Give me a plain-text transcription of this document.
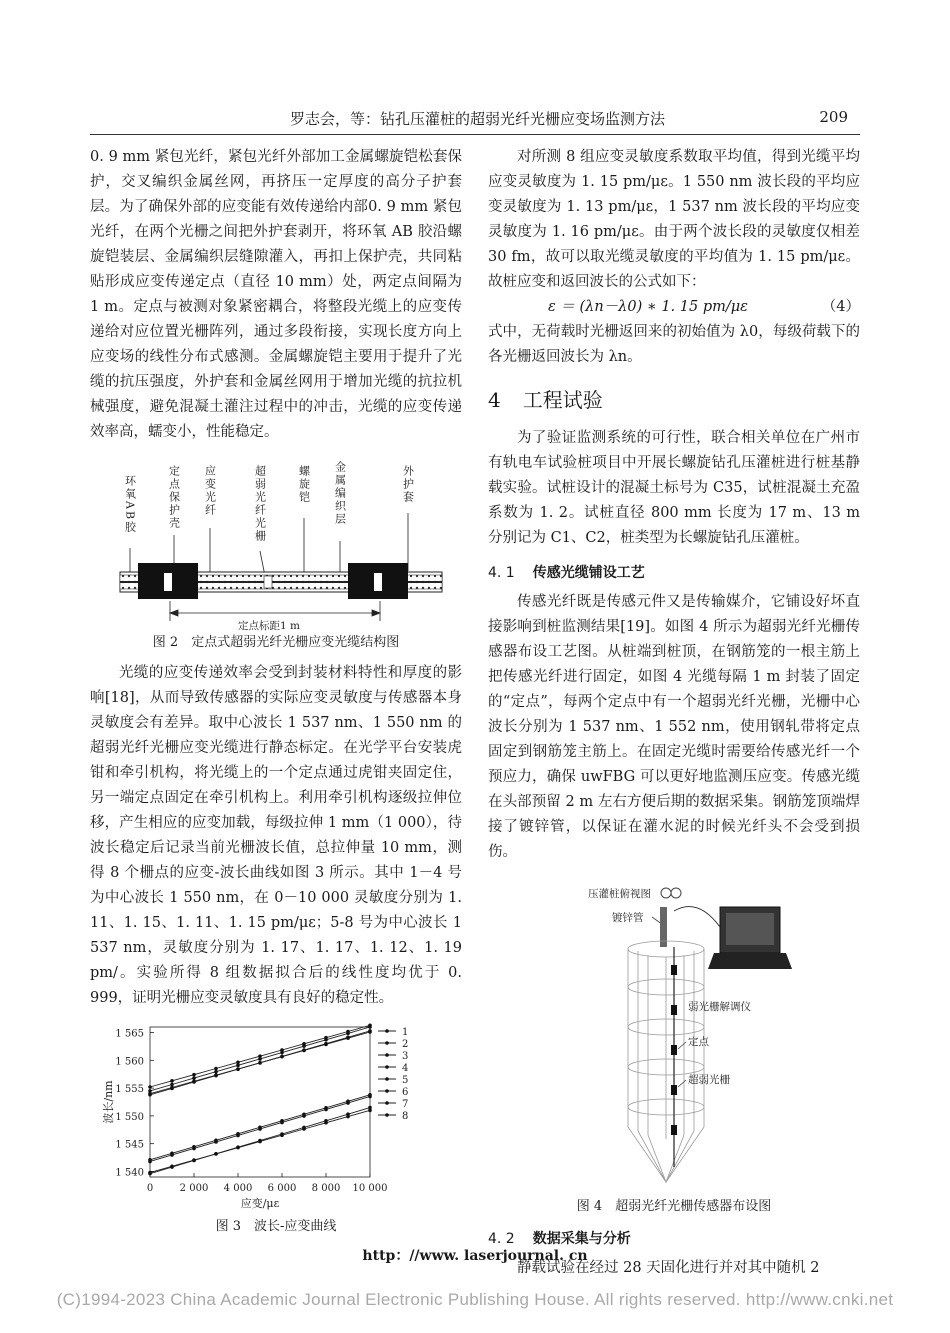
罗志会，等：钻孔压灌桩的超弱光纤光栅应变场监测方法	209

0. 9 mm 紧包光纤，紧包光纤外部加工金属螺旋铠松套保护，交叉编织金属丝网，再挤压一定厚度的高分子护套层。为了确保外部的应变能有效传递给内部0. 9 mm 紧包光纤，在两个光栅之间把外护套剥开，将环氧 AB 胶沿螺旋铠装层、金属编织层缝隙灌入，再扣上保护壳，共同粘贴形成应变传递定点（直径 10 mm）处，两定点间隔为 1 m。定点与被测对象紧密耦合，将整段光缆上的应变传递给对应位置光栅阵列，通过多段衔接，实现长度方向上应变场的线性分布式感测。金属螺旋铠主要用于提升了光缆的抗压强度，外护套和金属丝网用于增加光缆的抗拉机械强度，避免混凝土灌注过程中的冲击，光缆的应变传递效率高，蠕变小，性能稳定。

环氧AB胶	定点保护壳 应变光纤	超弱光纤光栅	螺旋铠 金属编织层	外护套
定点标距1 m
图 2　定点式超弱光纤光栅应变光缆结构图

光缆的应变传递效率会受到封装材料特性和厚度的影响[18]，从而导致传感器的实际应变灵敏度与传感器本身灵敏度会有差异。取中心波长 1 537 nm、1 550 nm 的超弱光纤光栅应变光缆进行静态标定。在光学平台安装虎钳和牵引机构，将光缆上的一个定点通过虎钳夹固定住，另一端定点固定在牵引机构上。利用牵引机构逐级拉伸位移，产生相应的应变加载，每级拉伸 1 mm（1 000），待波长稳定后记录当前光栅波长值，总拉伸量 10 mm，测得 8 个栅点的应变-波长曲线如图 3 所示。其中 1－4 号为中心波长 1 550 nm，在 0－10 000 灵敏度分别为 1. 11、1. 15、1. 11、1. 15 pm/με；5-8 号为中心波长 1 537 nm，灵敏度分别为 1. 17、1. 17、1. 12、1. 19 pm/。实验所得 8 组数据拟合后的线性度均优于 0. 999，证明光栅应变灵敏度具有良好的稳定性。

1 540
1 545
1 550
1 555
1 560
1 565
0	2 000 4 000 6 000 8 000 10 000
应变/με
波长/nm
1
2
3
4
5
6
7
8
图 3　波长-应变曲线

对所测 8 组应变灵敏度系数取平均值，得到光缆平均应变灵敏度为 1. 15 pm/με。1 550 nm 波长段的平均应变灵敏度为 1. 13 pm/με，1 537 nm 波长段的平均应变灵敏度为 1. 16 pm/με。由于两个波长段的灵敏度仅相差 30 fm，故可以取光缆灵敏度的平均值为 1. 15 pm/με。故桩应变和返回波长的公式如下：

ε ＝ (λn－λ0) ∗ 1. 15 pm/με	（4）

式中，无荷载时光栅返回来的初始值为 λ0，每级荷载下的各光栅返回波长为 λn。

4 工程试验

为了验证监测系统的可行性，联合相关单位在广州市有轨电车试验桩项目中开展长螺旋钻孔压灌桩进行桩基静载实验。试桩设计的混凝土标号为 C35，试桩混凝土充盈系数为 1. 2。试桩直径 800 mm 长度为 17 m、13 m 分别记为 C1、C2，桩类型为长螺旋钻孔压灌桩。

4. 1 传感光缆铺设工艺

传感光纤既是传感元件又是传输媒介，它铺设好坏直接影响到桩监测结果[19]。如图 4 所示为超弱光纤光栅传感器布设工艺图。从桩端到桩顶，在钢筋笼的一根主筋上把传感光纤进行固定，如图 4 光缆每隔 1 m 封装了固定的“定点”，每两个定点中有一个超弱光纤光栅，光栅中心波长分别为 1 537 nm、1 552 nm，使用钢轧带将定点固定到钢筋笼主筋上。在固定光缆时需要给传感光纤一个预应力，确保 uwFBG 可以更好地监测压应变。传感光缆在头部预留 2 m 左右方便后期的数据采集。钢筋笼顶端焊接了镀锌管，以保证在灌水泥的时候光纤头不会受到损伤。

压灌桩俯视图
镀锌管
弱光栅解调仪
定点
超弱光栅
图 4　超弱光纤光栅传感器布设图

4. 2 数据采集与分析

静载试验在经过 28 天固化进行并对其中随机 2

http：//www. laserjournal. cn
(C)1994-2023 China Academic Journal Electronic Publishing House. All rights reserved. http://www.cnki.net
